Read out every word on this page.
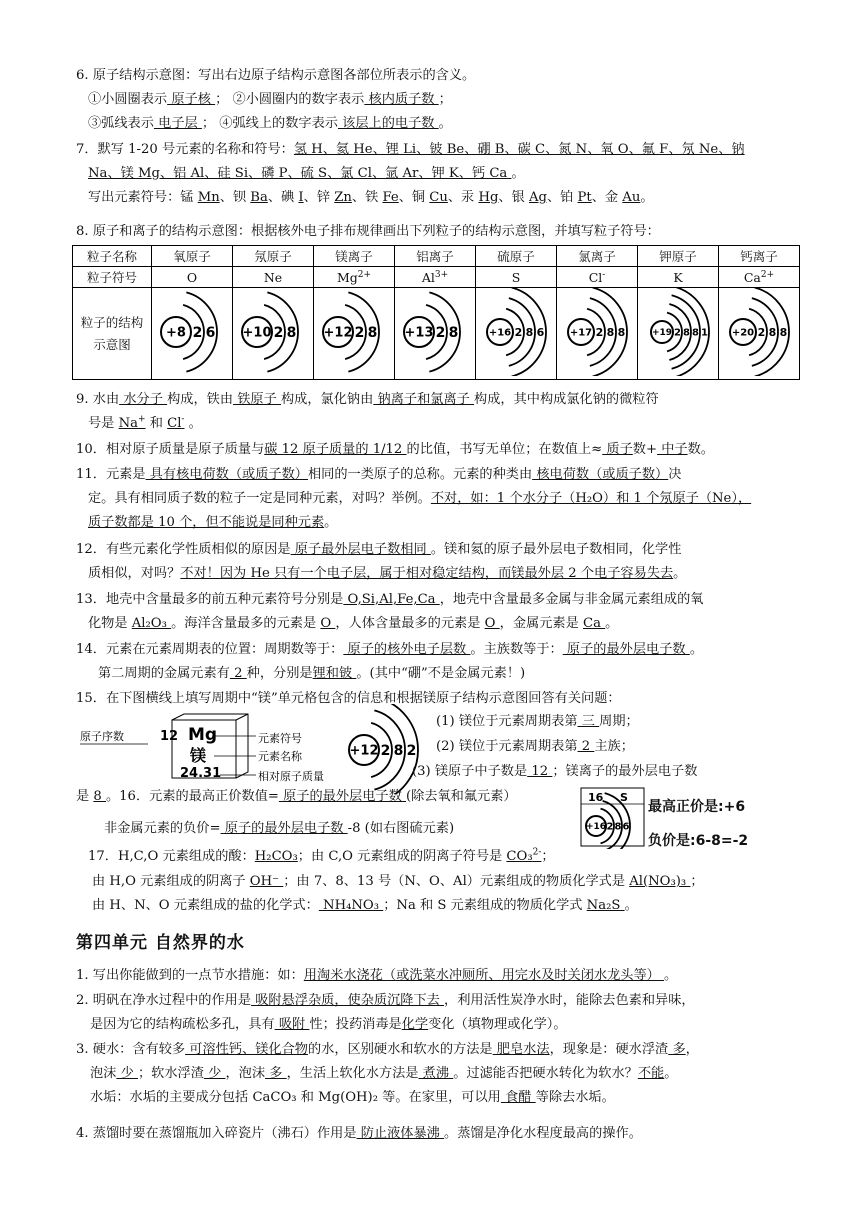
6. 原子结构示意图：写出右边原子结构示意图各部位所表示的含义。
①小圆圈表示 原子核 ； ②小圆圈内的数字表示 核内质子数 ；
③弧线表示 电子层 ； ④弧线上的数字表示 该层上的电子数 。
7．默写 1-20 号元素的名称和符号：氢 H、氦 He、锂 Li、铍 Be、硼 B、碳 C、氮 N、氧 O、氟 F、氖 Ne、钠
Na、镁 Mg、铝 Al、硅 Si、磷 P、硫 S、氯 Cl、氩 Ar、钾 K、钙 Ca 。
写出元素符号：锰 Mn、钡 Ba、碘 I、锌 Zn、铁 Fe、铜 Cu、汞 Hg、银 Ag、铂 Pt、金 Au。
8. 原子和离子的结构示意图：根据核外电子排布规律画出下列粒子的结构示意图，并填写粒子符号：
粒子名称	氧原子	氖原子	镁离子	铝离子	硫原子	氯离子	钾原子	钙离子
粒子符号	O	Ne	$Mg^{2+}$	$Al^{3+}$	S	Cl-	K	$Ca^{2+}$
粒子的结构示意图	+8 2 6	+10 2 8	+12 2 8	+13 2 8	+16 2 8 6	+17 2 8 8	+19 2 8 8 1	+20 2 8 8
9. 水由 水分子 构成，铁由 铁原子 构成，氯化钠由 钠离子和氯离子 构成，其中构成氯化钠的微粒符
号是 Na+ 和 Cl- 。
10．相对原子质量是原子质量与碳 12 原子质量的 1/12 的比值，书写无单位；在数值上≈ 质子数+ 中子数。
11．元素是 具有核电荷数（或质子数）相同的一类原子的总称。元素的种类由 核电荷数（或质子数）决
定。具有相同质子数的粒子一定是同种元素，对吗？举例。不对，如：1 个水分子（H₂O）和 1 个氖原子（Ne），
质子数都是 10 个，但不能说是同种元素。
12．有些元素化学性质相似的原因是 原子最外层电子数相同 。镁和氦的原子最外层电子数相同，化学性
质相似，对吗？不对！因为 He 只有一个电子层，属于相对稳定结构，而镁最外层 2 个电子容易失去。
13．地壳中含量最多的前五种元素符号分别是 O,Si,Al,Fe,Ca ，地壳中含量最多金属与非金属元素组成的氧
化物是 Al₂O₃ 。海洋含量最多的元素是 O ，人体含量最多的元素是 O ，金属元素是 Ca 。
14．元素在元素周期表的位置：周期数等于： 原子的核外电子层数 。主族数等于： 原子的最外层电子数 。
第二周期的金属元素有 2 种，分别是锂和铍 。(其中“硼”不是金属元素！)
15．在下图横线上填写周期中“镁”单元格包含的信息和根据镁原子结构示意图回答有关问题：
12 Mg
镁
24.31
原子序数	元素符号
元素名称
相对原子质量
+12 2 8 2
(1) 镁位于元素周期表第 三 周期；
(2) 镁位于元素周期表第 2 主族；
(3) 镁原子中子数是 12 ；镁离子的最外层电子数
是 8 。16．元素的最高正价数值= 原子的最外层电子数 (除去氧和氟元素）
非金属元素的负价= 原子的最外层电子数 -8 (如右图硫元素)
16 S
+16 2 8 6
最高正价是:+6
负价是:6-8=-2
17．H,C,O 元素组成的酸：H₂CO₃；由 C,O 元素组成的阴离子符号是 CO₃$^{2-}$；
由 H,O 元素组成的阴离子 OH⁻ ；由 7、8、13 号（N、O、Al）元素组成的物质化学式是 Al(NO₃)₃ ；
由 H、N、O 元素组成的盐的化学式： NH₄NO₃ ；Na 和 S 元素组成的物质化学式 Na₂S 。
第四单元 自然界的水
1. 写出你能做到的一点节水措施：如：用淘米水浇花（或洗菜水冲厕所、用完水及时关闭水龙头等） 。
2. 明矾在净水过程中的作用是 吸附悬浮杂质，使杂质沉降下去 ，利用活性炭净水时，能除去色素和异味，
是因为它的结构疏松多孔，具有 吸附 性；投药消毒是化学变化（填物理或化学）。
3. 硬水：含有较多 可溶性钙、镁化合物的水，区别硬水和软水的方法是 肥皂水法，现象是：硬水浮渣 多，
泡沫 少 ；软水浮渣 少 ，泡沫 多 ，生活上软化水方法是 煮沸 。过滤能否把硬水转化为软水？不能。
水垢：水垢的主要成分包括 CaCO₃ 和 Mg(OH)₂ 等。在家里，可以用 食醋 等除去水垢。
4. 蒸馏时要在蒸馏瓶加入碎瓷片（沸石）作用是 防止液体暴沸 。蒸馏是净化水程度最高的操作。
